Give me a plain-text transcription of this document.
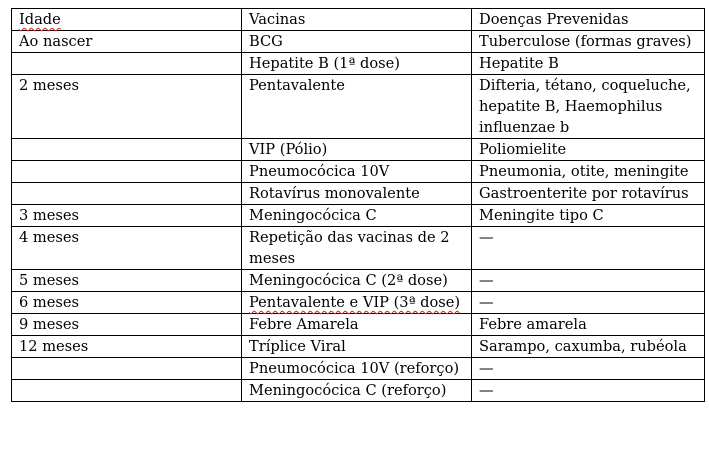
Idade	Vacinas	Doenças Prevenidas
Ao nascer	BCG	Tuberculose (formas graves)
	Hepatite B (1ª dose)	Hepatite B
2 meses	Pentavalente	Difteria, tétano, coqueluche, hepatite B, Haemophilus influenzae b
	VIP (Pólio)	Poliomielite
	Pneumocócica 10V	Pneumonia, otite, meningite
	Rotavírus monovalente	Gastroenterite por rotavírus
3 meses	Meningocócica C	Meningite tipo C
4 meses	Repetição das vacinas de 2 meses	—
5 meses	Meningocócica C (2ª dose)	—
6 meses	Pentavalente e VIP (3ª dose)	—
9 meses	Febre Amarela	Febre amarela
12 meses	Tríplice Viral	Sarampo, caxumba, rubéola
	Pneumocócica 10V (reforço)	—
	Meningocócica C (reforço)	—
